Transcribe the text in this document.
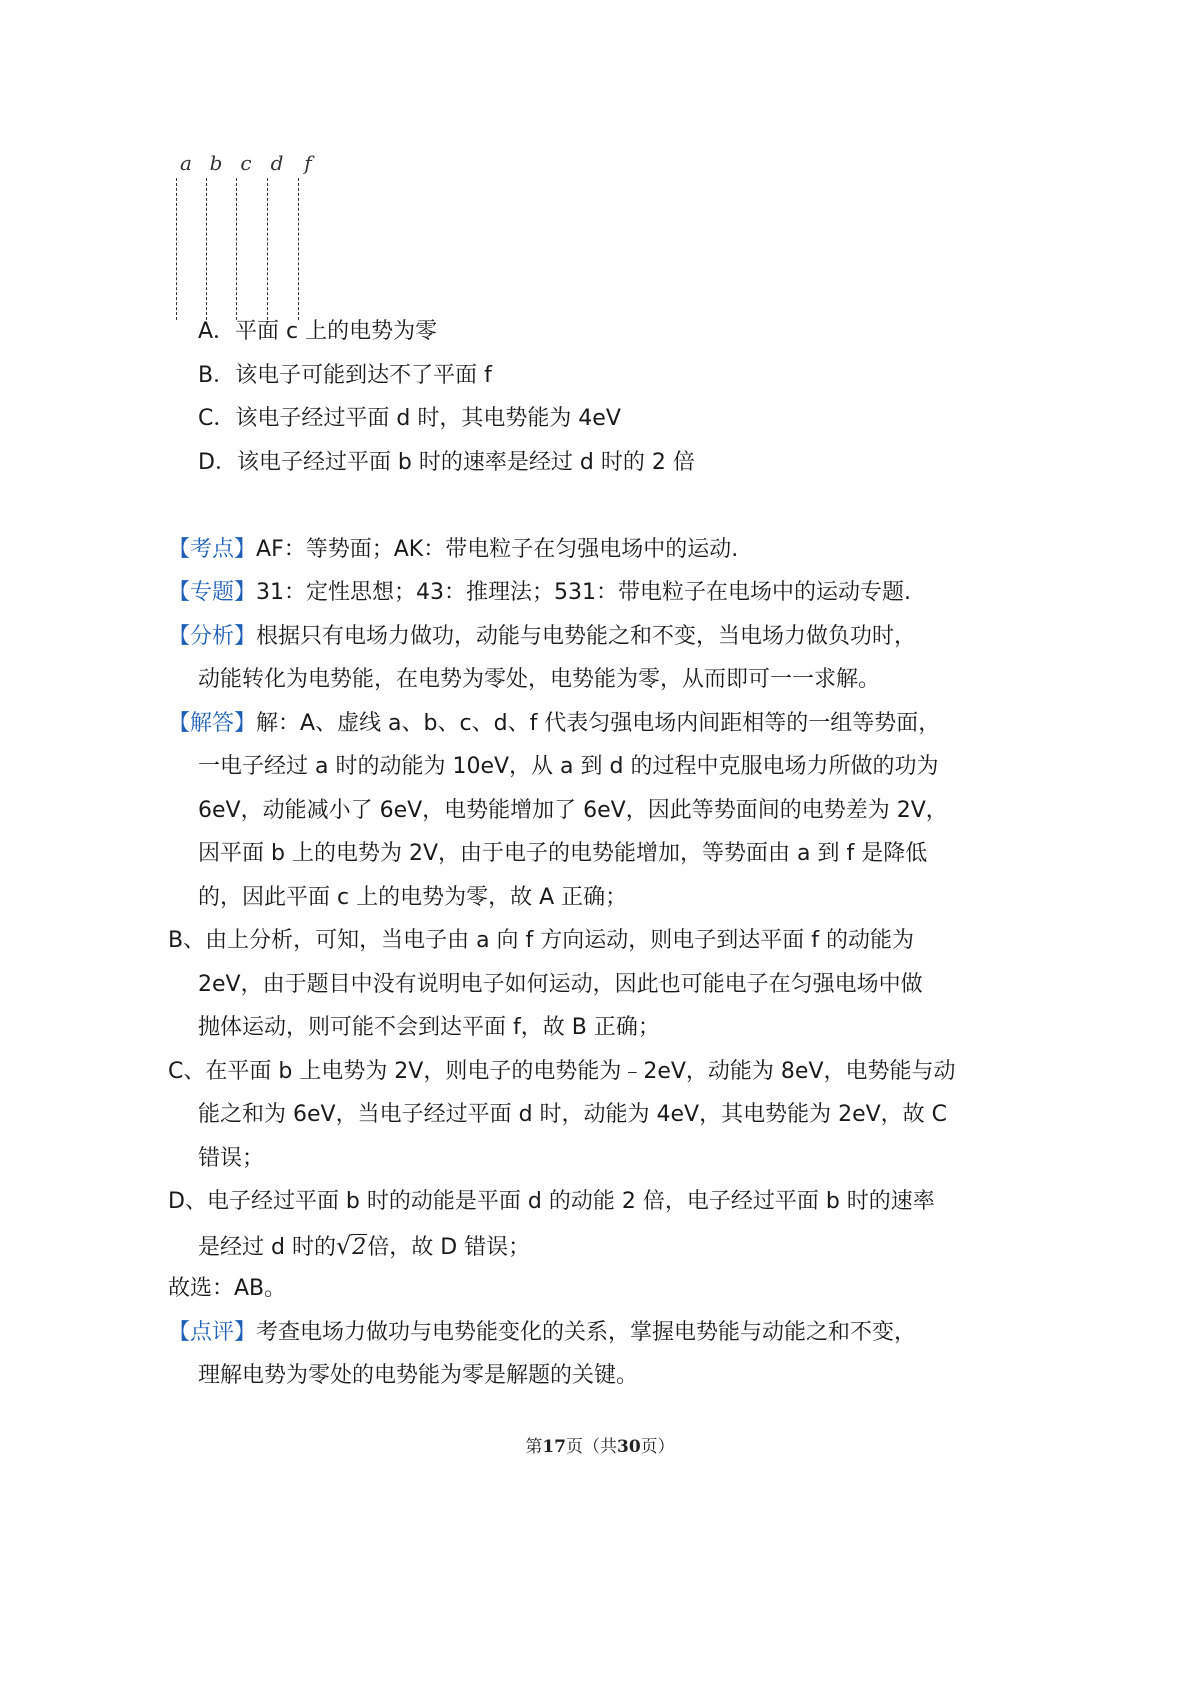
a b c d	f
A．平面 c 上的电势为零
B．该电子可能到达不了平面 f
C．该电子经过平面 d 时，其电势能为 4eV
D．该电子经过平面 b 时的速率是经过 d 时的 2 倍
【考点】AF：等势面；AK：带电粒子在匀强电场中的运动.
【专题】31：定性思想；43：推理法；531：带电粒子在电场中的运动专题.
【分析】根据只有电场力做功，动能与电势能之和不变，当电场力做负功时，
动能转化为电势能，在电势为零处，电势能为零，从而即可一一求解。
【解答】解：A、虚线 a、b、c、d、f 代表匀强电场内间距相等的一组等势面，
一电子经过 a 时的动能为 10eV，从 a 到 d 的过程中克服电场力所做的功为
6eV，动能减小了 6eV，电势能增加了 6eV，因此等势面间的电势差为 2V，
因平面 b 上的电势为 2V，由于电子的电势能增加，等势面由 a 到 f 是降低
的，因此平面 c 上的电势为零，故 A 正确；
B、由上分析，可知，当电子由 a 向 f 方向运动，则电子到达平面 f 的动能为
2eV，由于题目中没有说明电子如何运动，因此也可能电子在匀强电场中做
抛体运动，则可能不会到达平面 f，故 B 正确；
C、在平面 b 上电势为 2V，则电子的电势能为﹣2eV，动能为 8eV，电势能与动
能之和为 6eV，当电子经过平面 d 时，动能为 4eV，其电势能为 2eV，故 C
错误；
D、电子经过平面 b 时的动能是平面 d 的动能 2 倍，电子经过平面 b 时的速率
是经过 d 时的√2倍，故 D 错误；
故选：AB。
【点评】考查电场力做功与电势能变化的关系，掌握电势能与动能之和不变，
理解电势为零处的电势能为零是解题的关键。
第17页（共30页）
